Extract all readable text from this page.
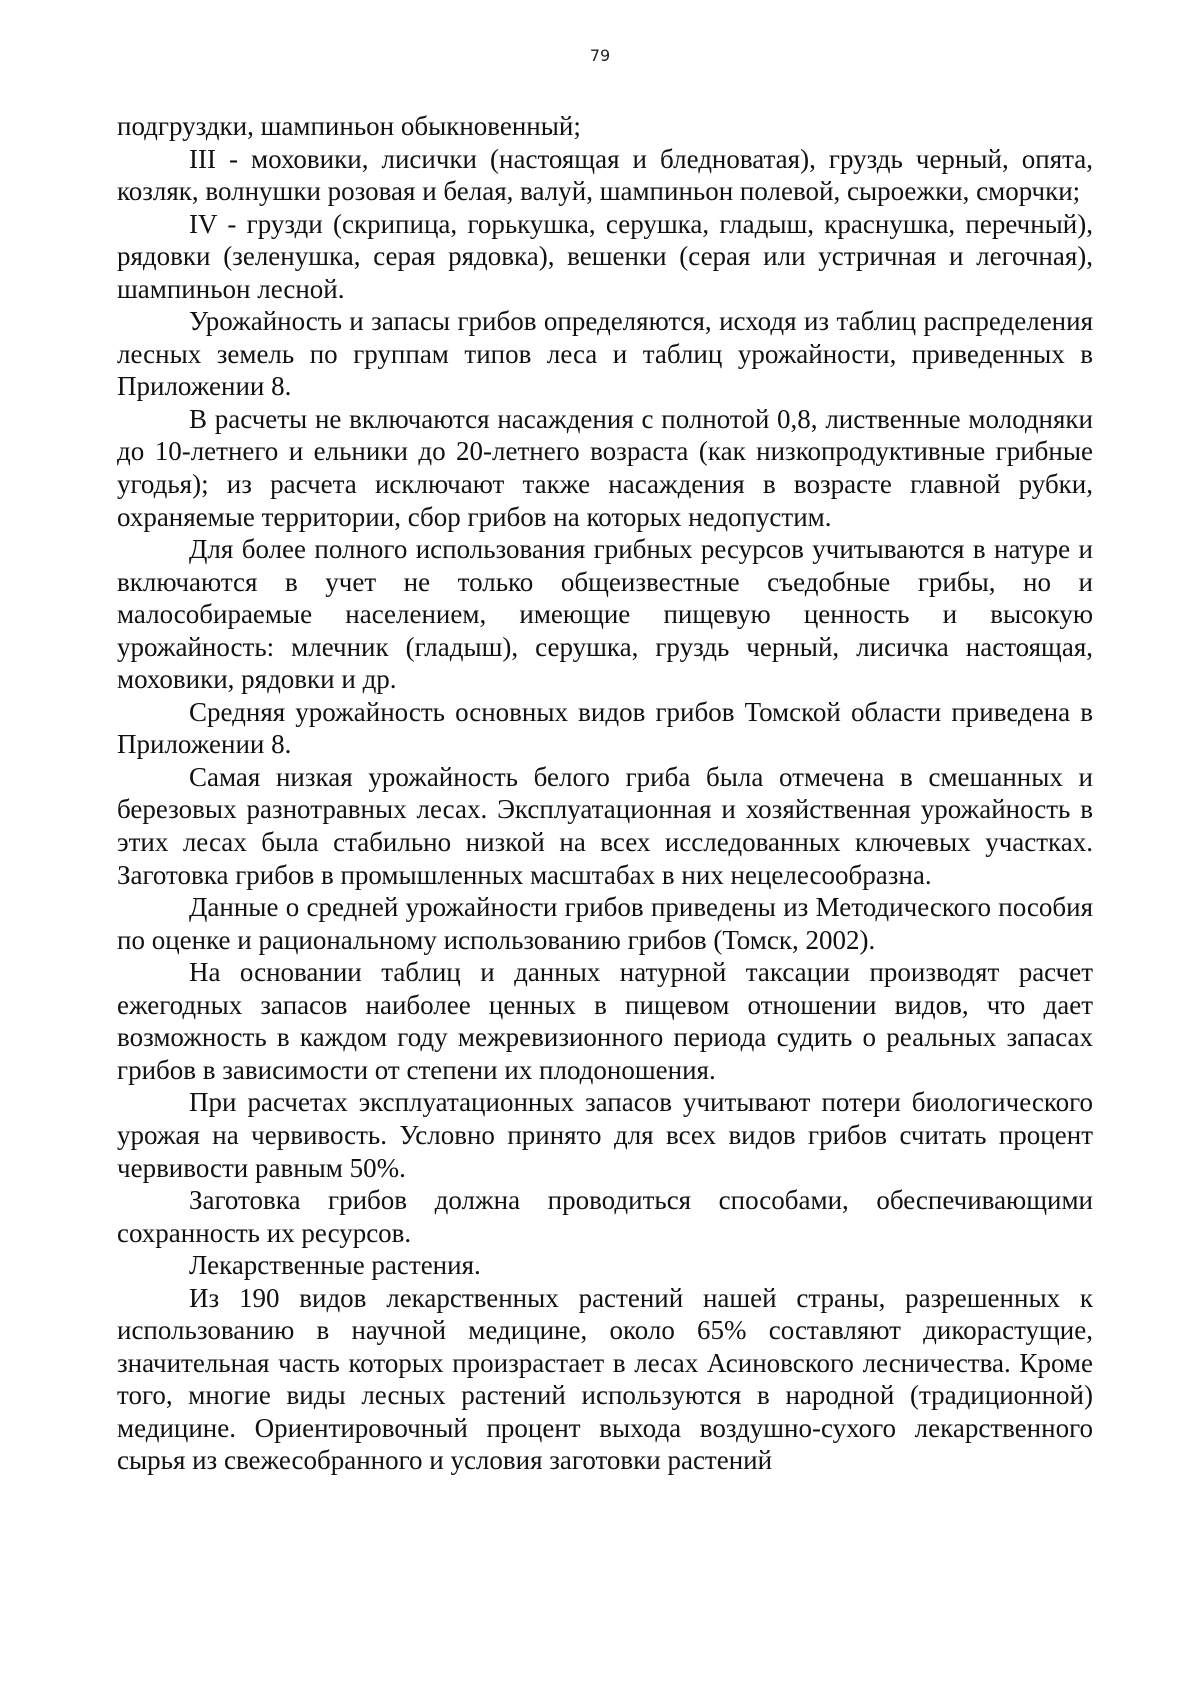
79

подгруздки, шампиньон обыкновенный;

III - моховики, лисички (настоящая и бледноватая), груздь черный, опята, козляк, волнушки розовая и белая, валуй, шампиньон полевой, сыроежки, сморчки;

IV - грузди (скрипица, горькушка, серушка, гладыш, краснушка, перечный), рядовки (зеленушка, серая рядовка), вешенки (серая или устричная и легочная), шампиньон лесной.

Урожайность и запасы грибов определяются, исходя из таблиц распределения лесных земель по группам типов леса и таблиц урожайности, приведенных в Приложении 8.

В расчеты не включаются насаждения с полнотой 0,8, лиственные молодняки до 10-летнего и ельники до 20-летнего возраста (как низкопродуктивные грибные угодья); из расчета исключают также насаждения в возрасте главной рубки, охраняемые территории, сбор грибов на которых недопустим.

Для более полного использования грибных ресурсов учитываются в натуре и включаются в учет не только общеизвестные съедобные грибы, но и малособираемые населением, имеющие пищевую ценность и высокую урожайность: млечник (гладыш), серушка, груздь черный, лисичка настоящая, моховики, рядовки и др.

Средняя урожайность основных видов грибов Томской области приведена в Приложении 8.

Самая низкая урожайность белого гриба была отмечена в смешанных и березовых разнотравных лесах. Эксплуатационная и хозяйственная урожайность в этих лесах была стабильно низкой на всех исследованных ключевых участках. Заготовка грибов в промышленных масштабах в них нецелесообразна.

Данные о средней урожайности грибов приведены из Методического пособия по оценке и рациональному использованию грибов (Томск, 2002).

На основании таблиц и данных натурной таксации производят расчет ежегодных запасов наиболее ценных в пищевом отношении видов, что дает возможность в каждом году межревизионного периода судить о реальных запасах грибов в зависимости от степени их плодоношения.

При расчетах эксплуатационных запасов учитывают потери биологического урожая на червивость. Условно принято для всех видов грибов считать процент червивости равным 50%.

Заготовка грибов должна проводиться способами, обеспечивающими сохранность их ресурсов.

Лекарственные растения.

Из 190 видов лекарственных растений нашей страны, разрешенных к использованию в научной медицине, около 65% составляют дикорастущие, значительная часть которых произрастает в лесах Асиновского лесничества. Кроме того, многие виды лесных растений используются в народной (традиционной) медицине. Ориентировочный процент выхода воздушно-сухого лекарственного сырья из свежесобранного и условия заготовки растений
